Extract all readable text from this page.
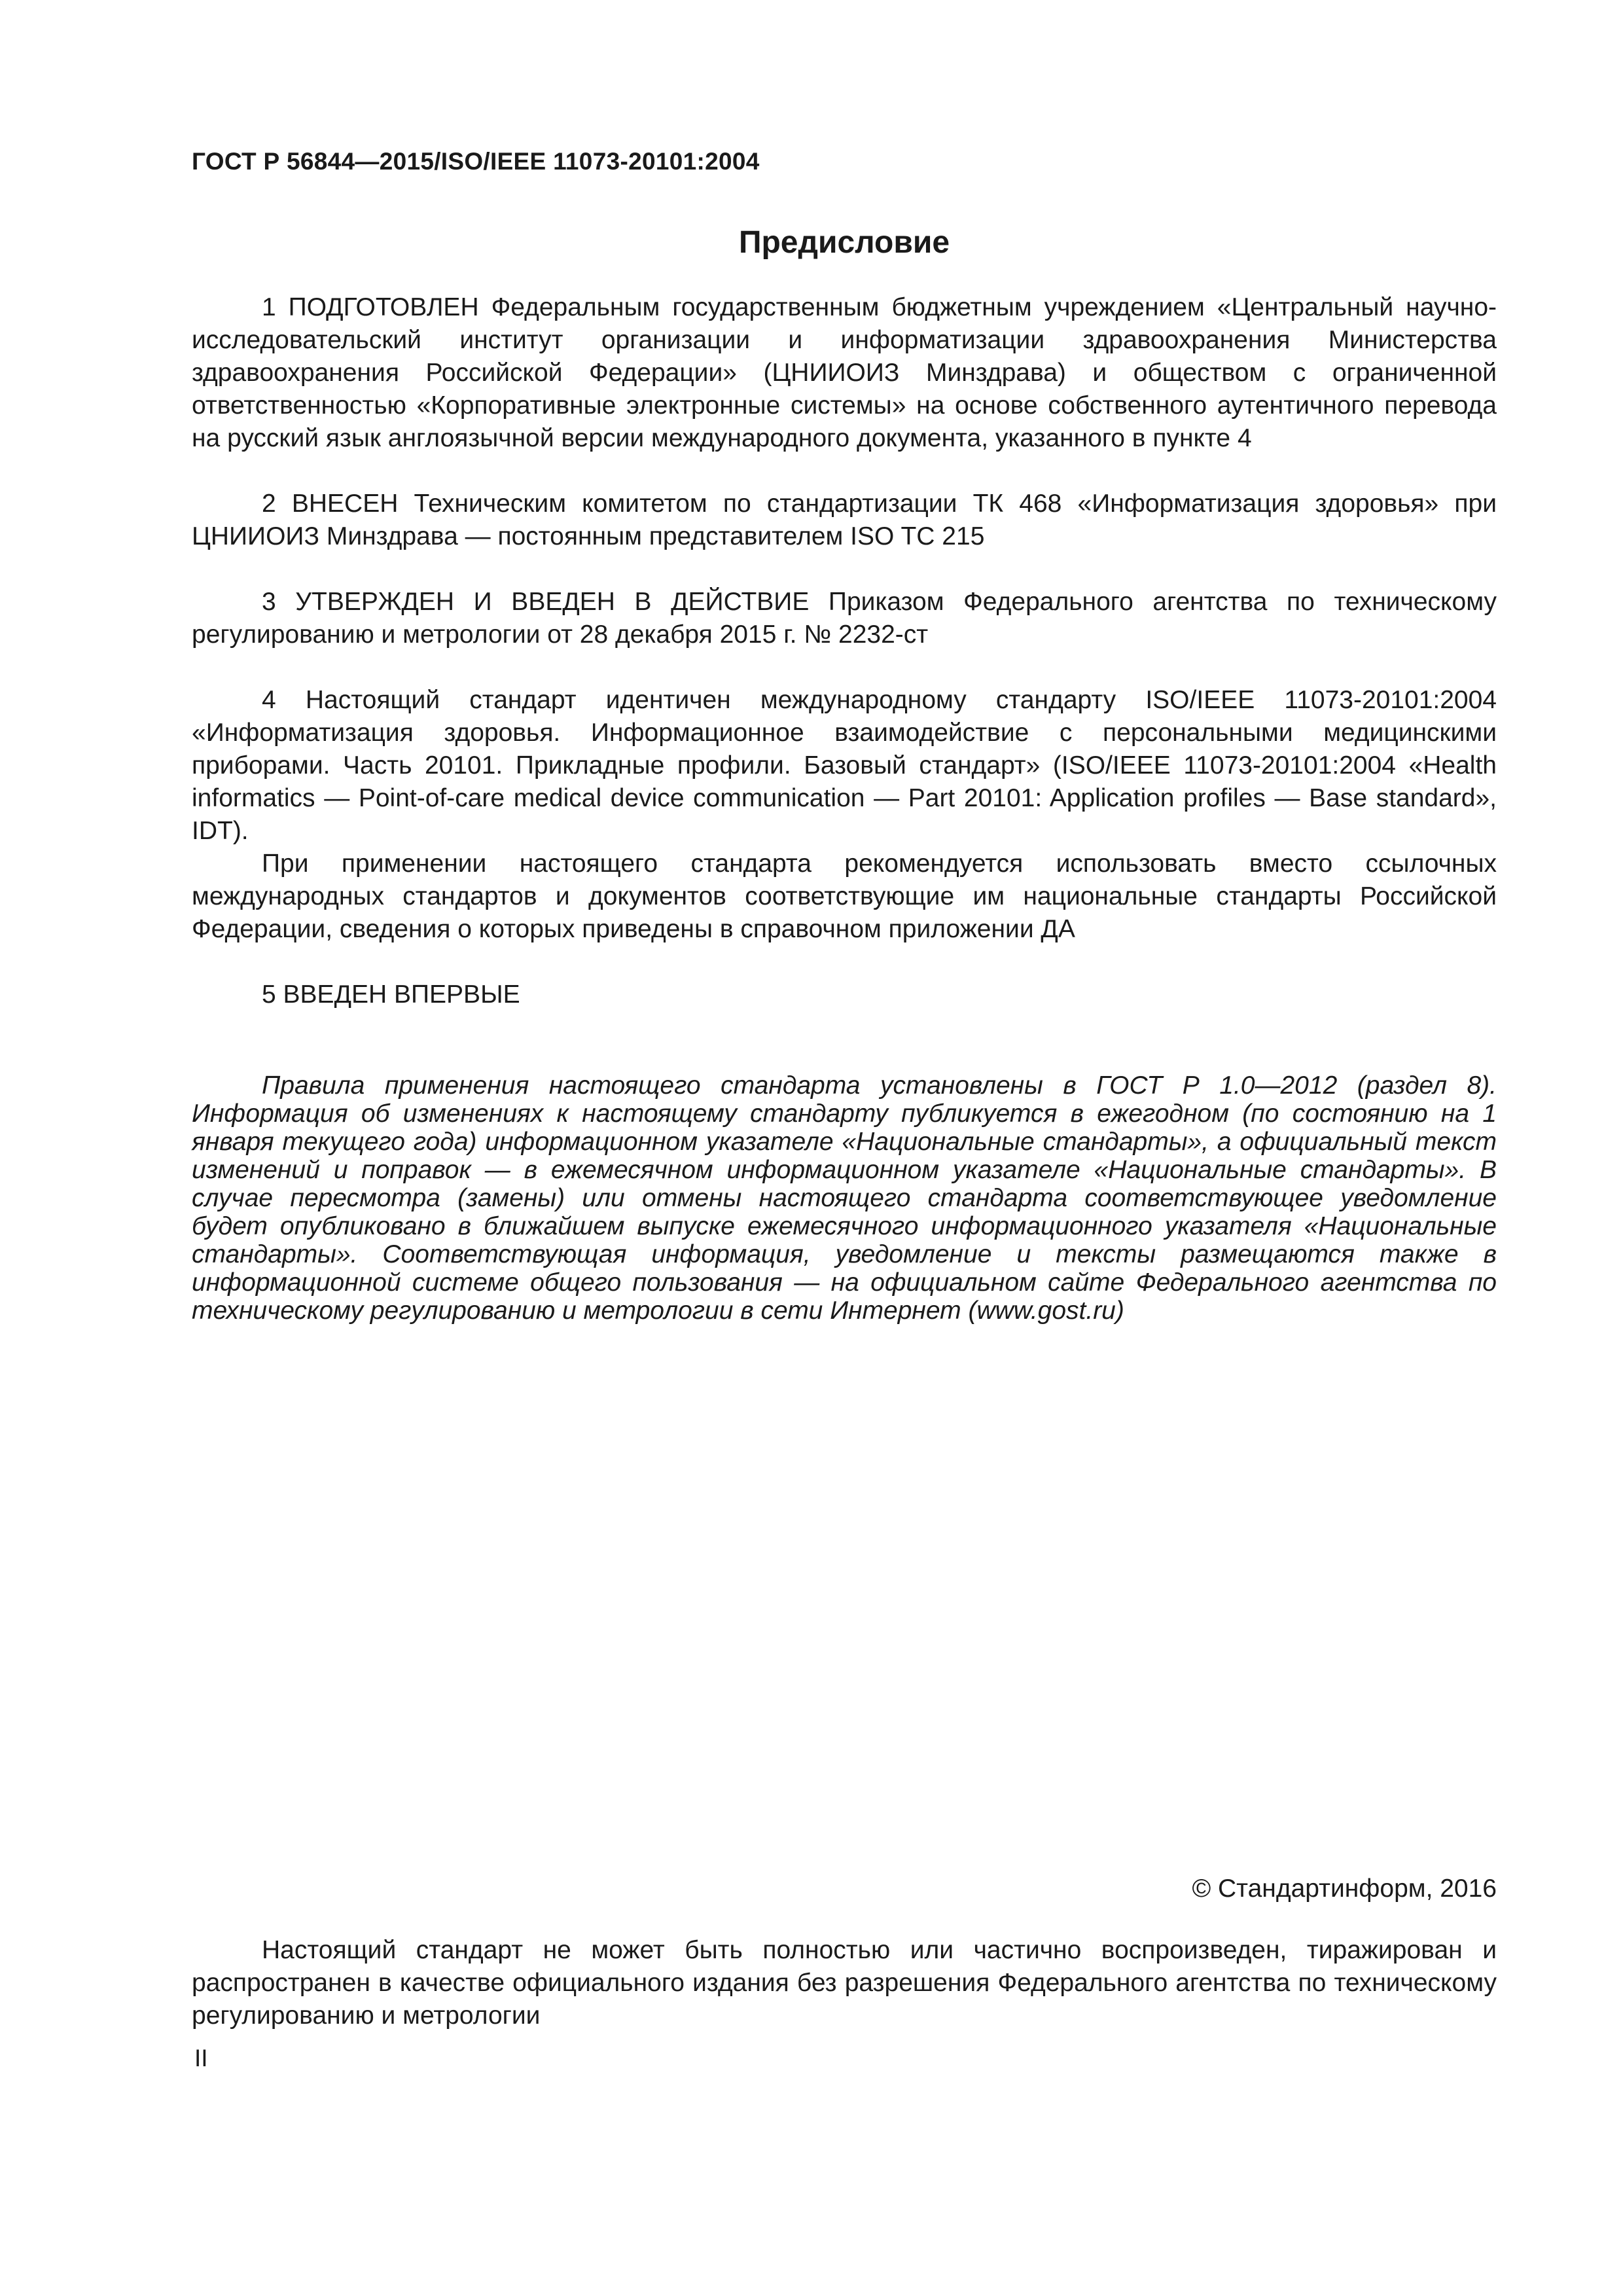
ГОСТ Р 56844—2015/ISO/IEEE 11073-20101:2004
Предисловие

1 ПОДГОТОВЛЕН Федеральным государственным бюджетным учреждением «Центральный научно-исследовательский институт организации и информатизации здравоохранения Министерства здравоохранения Российской Федерации» (ЦНИИОИЗ Минздрава) и обществом с ограниченной ответственностью «Корпоративные электронные системы» на основе собственного аутентичного перевода на русский язык англоязычной версии международного документа, указанного в пункте 4

2 ВНЕСЕН Техническим комитетом по стандартизации ТК 468 «Информатизация здоровья» при ЦНИИОИЗ Минздрава — постоянным представителем ISO TC 215

3 УТВЕРЖДЕН И ВВЕДЕН В ДЕЙСТВИЕ Приказом Федерального агентства по техническому регулированию и метрологии от 28 декабря 2015 г. № 2232-ст

4 Настоящий стандарт идентичен международному стандарту ISO/IEEE 11073-20101:2004 «Информатизация здоровья. Информационное взаимодействие с персональными медицинскими приборами. Часть 20101. Прикладные профили. Базовый стандарт» (ISO/IEEE 11073-20101:2004 «Health informatics — Point-of-care medical device communication — Part 20101: Application profiles — Base standard», IDT).

При применении настоящего стандарта рекомендуется использовать вместо ссылочных международных стандартов и документов соответствующие им национальные стандарты Российской Федерации, сведения о которых приведены в справочном приложении ДА

5 ВВЕДЕН ВПЕРВЫЕ

Правила применения настоящего стандарта установлены в ГОСТ Р 1.0—2012 (раздел 8). Информация об изменениях к настоящему стандарту публикуется в ежегодном (по состоянию на 1 января текущего года) информационном указателе «Национальные стандарты», а официальный текст изменений и поправок — в ежемесячном информационном указателе «Национальные стандарты». В случае пересмотра (замены) или отмены настоящего стандарта соответствующее уведомление будет опубликовано в ближайшем выпуске ежемесячного информационного указателя «Национальные стандарты». Соответствующая информация, уведомление и тексты размещаются также в информационной системе общего пользования — на официальном сайте Федерального агентства по техническому регулированию и метрологии в сети Интернет (www.gost.ru)

© Стандартинформ, 2016

Настоящий стандарт не может быть полностью или частично воспроизведен, тиражирован и распространен в качестве официального издания без разрешения Федерального агентства по техническому регулированию и метрологии

II
